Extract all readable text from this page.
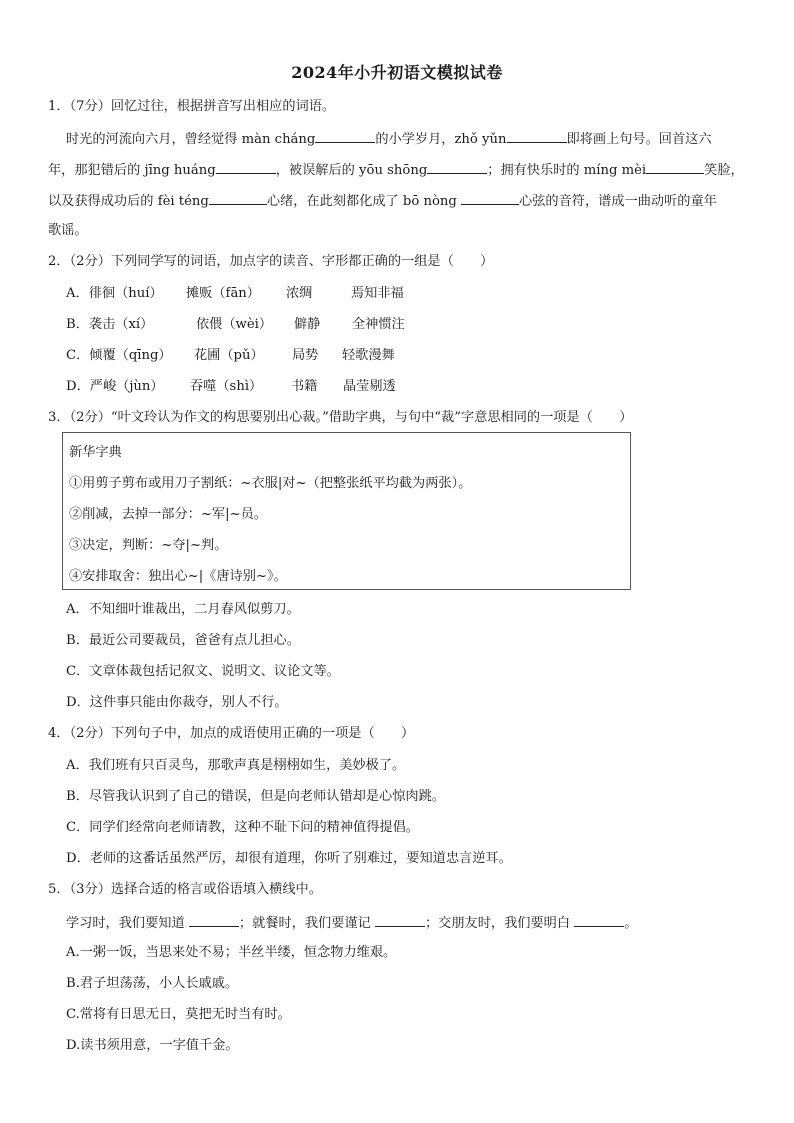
2024年小升初语文模拟试卷
1．（7分）回忆过往，根据拼音写出相应的词语。
时光的河流向六月，曾经觉得 màn cháng	的小学岁月，zhǒ yǔn	即将画上句号。回首这六
年，那犯错后的 jīng huáng	，被误解后的 yōu shōng	；拥有快乐时的 míng mèi	笑脸，
以及获得成功后的 fèi téng	心绪，在此刻都化成了 bō nòng	心弦的音符，谱成一曲动听的童年
歌谣。
2．（2分）下列同学写的词语，加点字的读音、字形都正确的一组是（　　）
A．徘徊（huí） 摊贩（fān） 浓绸	焉知非福
B．袭击（xí）	依偎（wèi） 僻静 全神惯注
C．倾覆（qīng） 花圃（pǔ） 局势 轻歌漫舞
D．严峻（jùn） 吞噬（shì） 书籍 晶莹剔透
3．（2分）“叶文玲认为作文的构思要别出心裁。”借助字典，与句中“裁”字意思相同的一项是（　　）
新华字典
①用剪子剪布或用刀子割纸：~衣服|对~（把整张纸平均截为两张）。
②削减，去掉一部分：~军|~员。
③决定，判断：~夺|~判。
④安排取舍：独出心~|《唐诗别~》。
A．不知细叶谁裁出，二月春风似剪刀。
B．最近公司要裁员，爸爸有点儿担心。
C．文章体裁包括记叙文、说明文、议论文等。
D．这件事只能由你裁夺，别人不行。
4．（2分）下列句子中，加点的成语使用正确的一项是（　　）
A．我们班有只百灵鸟，那歌声真是栩栩如生，美妙极了。
B．尽管我认识到了自己的错误，但是向老师认错却是心惊肉跳。
C．同学们经常向老师请教，这种不耻下问的精神值得提倡。
D．老师的这番话虽然严厉，却很有道理，你听了别难过，要知道忠言逆耳。
5．（3分）选择合适的格言或俗语填入横线中。
学习时，我们要知道	；就餐时，我们要谨记	；交朋友时，我们要明白	。
A.一粥一饭，当思来处不易；半丝半缕，恒念物力维艰。
B.君子坦荡荡，小人长戚戚。
C.常将有日思无日，莫把无时当有时。
D.读书须用意，一字值千金。
